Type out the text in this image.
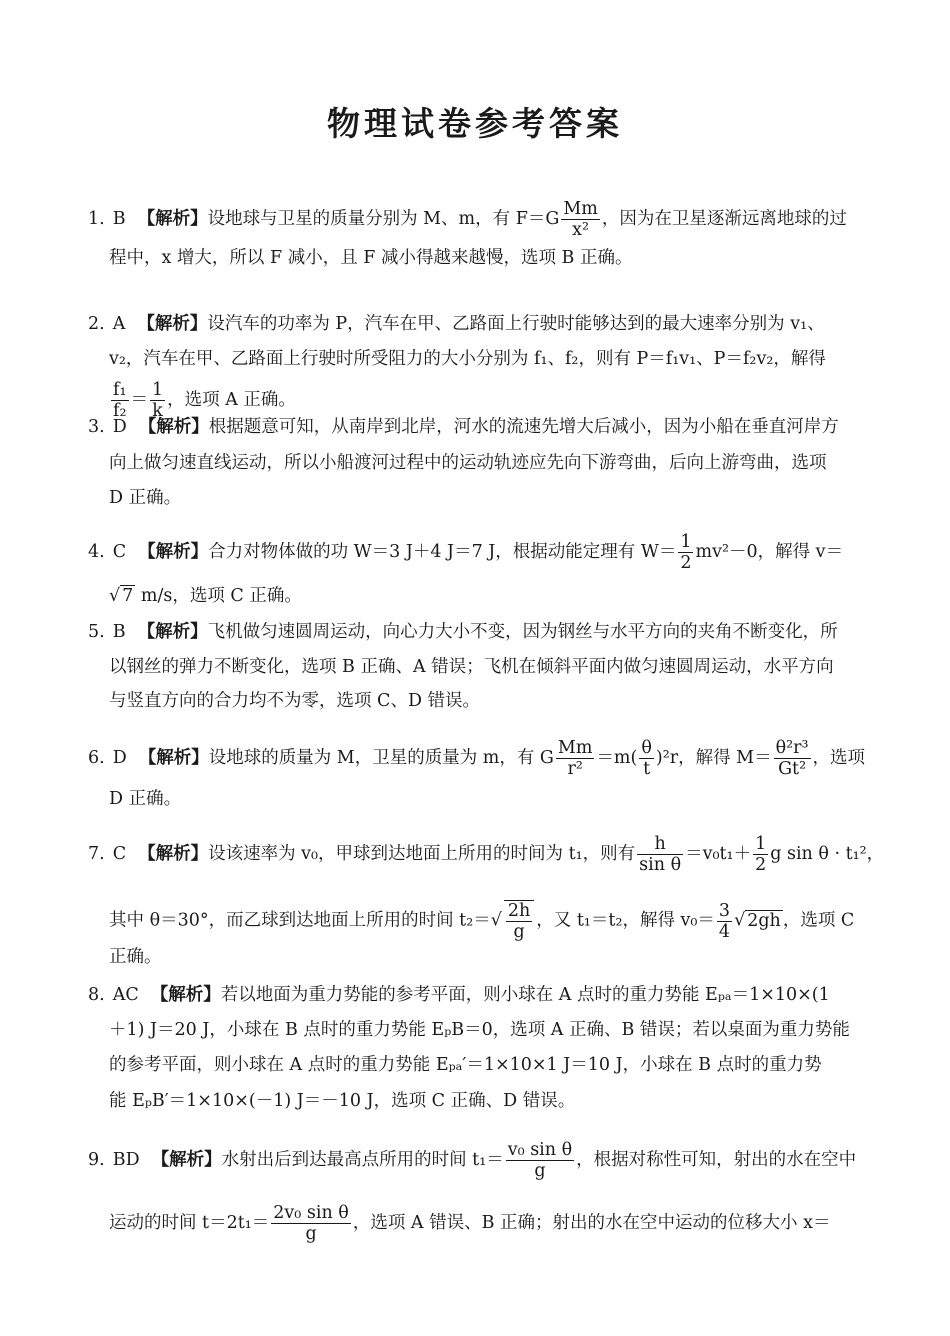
物理试卷参考答案
1. B 【解析】设地球与卫星的质量分别为 M、m，有 $F=G \frac{Mm}{\text{x²}}$ ，因为在卫星逐渐远离地球的过
程中，x 增大，所以 F 减小，且 F 减小得越来越慢，选项 B 正确。
2. A 【解析】设汽车的功率为 P，汽车在甲、乙路面上行驶时能够达到的最大速率分别为 v₁、
v₂，汽车在甲、乙路面上行驶时所受阻力的大小分别为 f₁、f₂，则有 P＝f₁v₁、P＝f₂v₂，解得
$\frac{\text{f₁}}{\text{f₂}} = \frac{1}{k}$ ，选项 A 正确。
3. D 【解析】根据题意可知，从南岸到北岸，河水的流速先增大后减小，因为小船在垂直河岸方
向上做匀速直线运动，所以小船渡河过程中的运动轨迹应先向下游弯曲，后向上游弯曲，选项
D 正确。
4. C 【解析】合力对物体做的功 W＝3 J＋4 J＝7 J，根据动能定理有 $W= \frac{1}{2} mv^2-0$，解得 v＝
√ 7 m/s，选项 C 正确。
5. B 【解析】飞机做匀速圆周运动，向心力大小不变，因为钢丝与水平方向的夹角不断变化，所
以钢丝的弹力不断变化，选项 B 正确、A 错误；飞机在倾斜平面内做匀速圆周运动，水平方向
与竖直方向的合力均不为零，选项 C、D 错误。
6. D 【解析】设地球的质量为 M，卫星的质量为 m，有 G $\frac{Mm}{\text{r²}} =m( \frac{\theta}{t} )^2r$，解得 $M= \frac{\text{θ²r³}}{\text{Gt²}}$ ，选项
D 正确。
7. C 【解析】设该速率为 v₀，甲球到达地面上所用的时间为 t₁，则有 $\frac{h}{\text{sin θ}} =v_0t_1+ \frac{1}{2}$ g sin θ · t₁²，
其中 θ＝30°，而乙球到达地面上所用的时间 $t_2=√ \frac{2h}{g}$ ，又 t₁＝t₂，解得 $v_0= \frac{3}{4}$ √ 2gh ，选项 C
正确。
8. AC 【解析】若以地面为重力势能的参考平面，则小球在 A 点时的重力势能 Eₚₐ＝1×10×(1
＋1) J＝20 J，小球在 B 点时的重力势能 EₚB＝0，选项 A 正确、B 错误；若以桌面为重力势能
的参考平面，则小球在 A 点时的重力势能 Eₚₐ′＝1×10×1 J＝10 J，小球在 B 点时的重力势
能 EₚB′＝1×10×(－1) J＝－10 J，选项 C 正确、D 错误。
9. BD 【解析】水射出后到达最高点所用的时间 $t_1= \frac{\text{v₀ sin θ}}{g}$ ，根据对称性可知，射出的水在空中
运动的时间 $t=2t_1= \frac{\text{2v₀ sin θ}}{g}$ ，选项 A 错误、B 正确；射出的水在空中运动的位移大小 x＝
